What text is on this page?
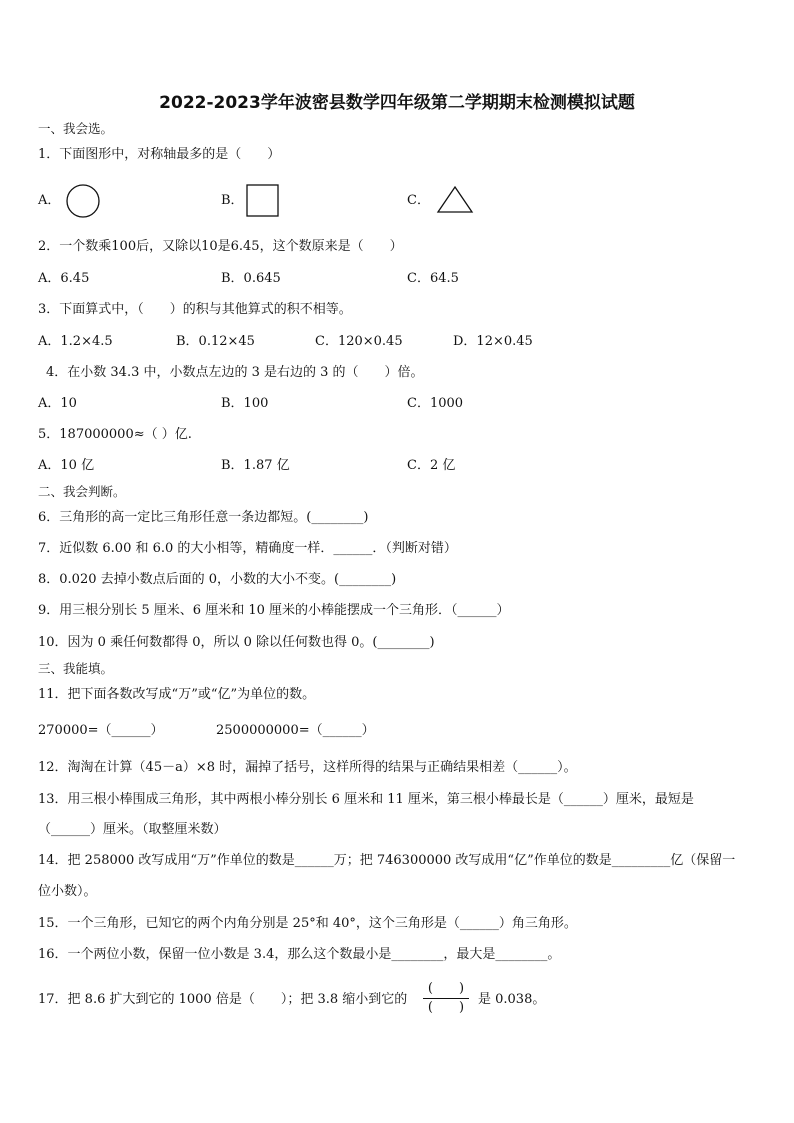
2022-2023学年波密县数学四年级第二学期期末检测模拟试题
一、我会选。
1．下面图形中，对称轴最多的是（　　）
A．	B．	C．
2．一个数乘100后，又除以10是6.45，这个数原来是（　　）
A．6.45	B．0.645	C．64.5
3．下面算式中，（　　）的积与其他算式的积不相等。
A．1.2×4.5	B．0.12×45	C．120×0.45	D．12×0.45
4．在小数 34.3 中，小数点左边的 3 是右边的 3 的（　　）倍。
A．10	B．100	C．1000
5．187000000≈（ ）亿.
A．10 亿	B．1.87 亿	C．2 亿
二、我会判断。
6．三角形的高一定比三角形任意一条边都短。(________)
7．近似数 6.00 和 6.0 的大小相等，精确度一样．______．（判断对错）
8．0.020 去掉小数点后面的 0，小数的大小不变。(________)
9．用三根分别长 5 厘米、6 厘米和 10 厘米的小棒能摆成一个三角形．（______）
10．因为 0 乘任何数都得 0，所以 0 除以任何数也得 0。(________)
三、我能填。
11．把下面各数改写成“万”或“亿”为单位的数。
270000=（______）	2500000000=（______）
12．淘淘在计算（45－a）×8 时，漏掉了括号，这样所得的结果与正确结果相差（______）。
13．用三根小棒围成三角形，其中两根小棒分别长 6 厘米和 11 厘米，第三根小棒最长是（______）厘米，最短是
（______）厘米。（取整厘米数）
14．把 258000 改写成用“万”作单位的数是______万；把 746300000 改写成用“亿”作单位的数是_________亿（保留一
位小数）。
15．一个三角形，已知它的两个内角分别是 25°和 40°，这个三角形是（______）角三角形。
16．一个两位小数，保留一位小数是 3.4，那么这个数最小是________，最大是________。
17．把 8.6 扩大到它的 1000 倍是（　　）；把 3.8 缩小到它的
(　　)
(　　)
是 0.038。
